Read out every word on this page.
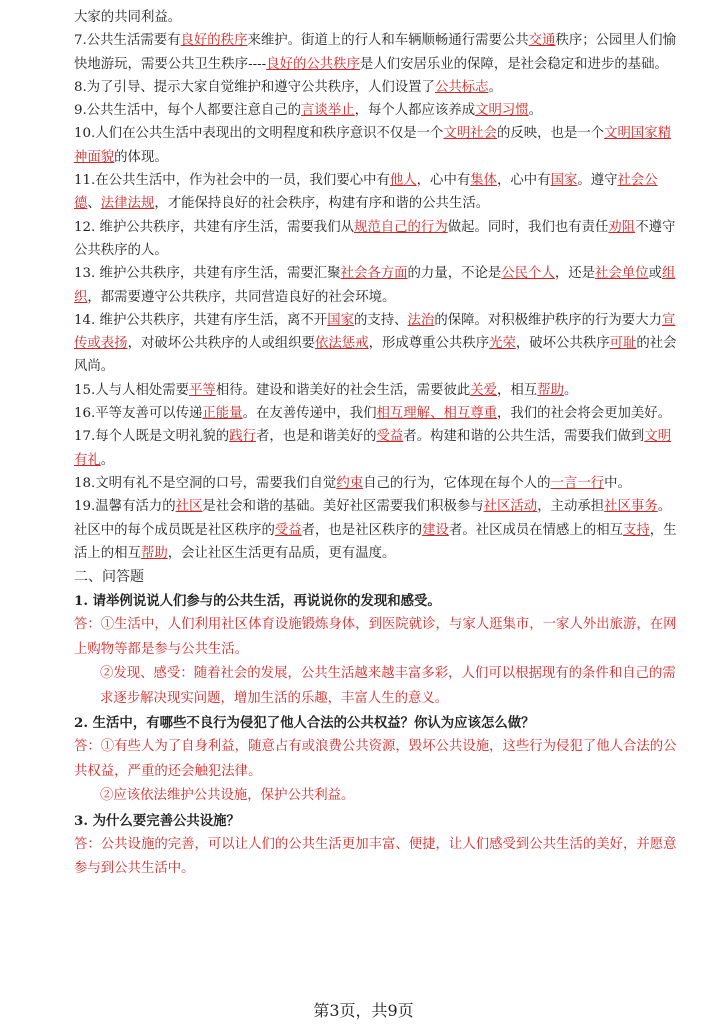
大家的共同利益。

7.公共生活需要有良好的秩序来维护。街道上的行人和车辆顺畅通行需要公共交通秩序；公园里人们愉快地游玩，需要公共卫生秩序----良好的公共秩序是人们安居乐业的保障，是社会稳定和进步的基础。

8.为了引导、提示大家自觉维护和遵守公共秩序，人们设置了公共标志。

9.公共生活中，每个人都要注意自己的言谈举止，每个人都应该养成文明习惯。

10.人们在公共生活中表现出的文明程度和秩序意识不仅是一个文明社会的反映，也是一个文明国家精神面貌的体现。

11.在公共生活中，作为社会中的一员，我们要心中有他人，心中有集体，心中有国家。遵守社会公德、法律法规，才能保持良好的社会秩序，构建有序和谐的公共生活。

12. 维护公共秩序，共建有序生活，需要我们从规范自己的行为做起。同时，我们也有责任劝阻不遵守公共秩序的人。

13. 维护公共秩序，共建有序生活，需要汇聚社会各方面的力量，不论是公民个人，还是社会单位或组织，都需要遵守公共秩序，共同营造良好的社会环境。

14. 维护公共秩序，共建有序生活，离不开国家的支持、法治的保障。对积极维护秩序的行为要大力宣传或表扬，对破坏公共秩序的人或组织要依法惩戒，形成尊重公共秩序光荣，破坏公共秩序可耻的社会风尚。

15.人与人相处需要平等相待。建设和谐美好的社会生活，需要彼此关爱，相互帮助。

16.平等友善可以传递正能量。在友善传递中，我们相互理解、相互尊重，我们的社会将会更加美好。

17.每个人既是文明礼貌的践行者，也是和谐美好的受益者。构建和谐的公共生活，需要我们做到文明有礼。

18.文明有礼不是空洞的口号，需要我们自觉约束自己的行为，它体现在每个人的一言一行中。

19.温馨有活力的社区是社会和谐的基础。美好社区需要我们积极参与社区活动，主动承担社区事务。社区中的每个成员既是社区秩序的受益者，也是社区秩序的建设者。社区成员在情感上的相互支持，生活上的相互帮助，会让社区生活更有品质，更有温度。

二、问答题

1. 请举例说说人们参与的公共生活，再说说你的发现和感受。

答：①生活中，人们利用社区体育设施锻炼身体，到医院就诊，与家人逛集市，一家人外出旅游，在网上购物等都是参与公共生活。

②发现、感受：随着社会的发展，公共生活越来越丰富多彩，人们可以根据现有的条件和自己的需求逐步解决现实问题，增加生活的乐趣，丰富人生的意义。

2. 生活中，有哪些不良行为侵犯了他人合法的公共权益？你认为应该怎么做？

答：①有些人为了自身利益，随意占有或浪费公共资源，毁坏公共设施，这些行为侵犯了他人合法的公共权益，严重的还会触犯法律。

②应该依法维护公共设施，保护公共利益。

3. 为什么要完善公共设施？

答：公共设施的完善，可以让人们的公共生活更加丰富、便捷，让人们感受到公共生活的美好，并愿意参与到公共生活中。

第3页，共9页
